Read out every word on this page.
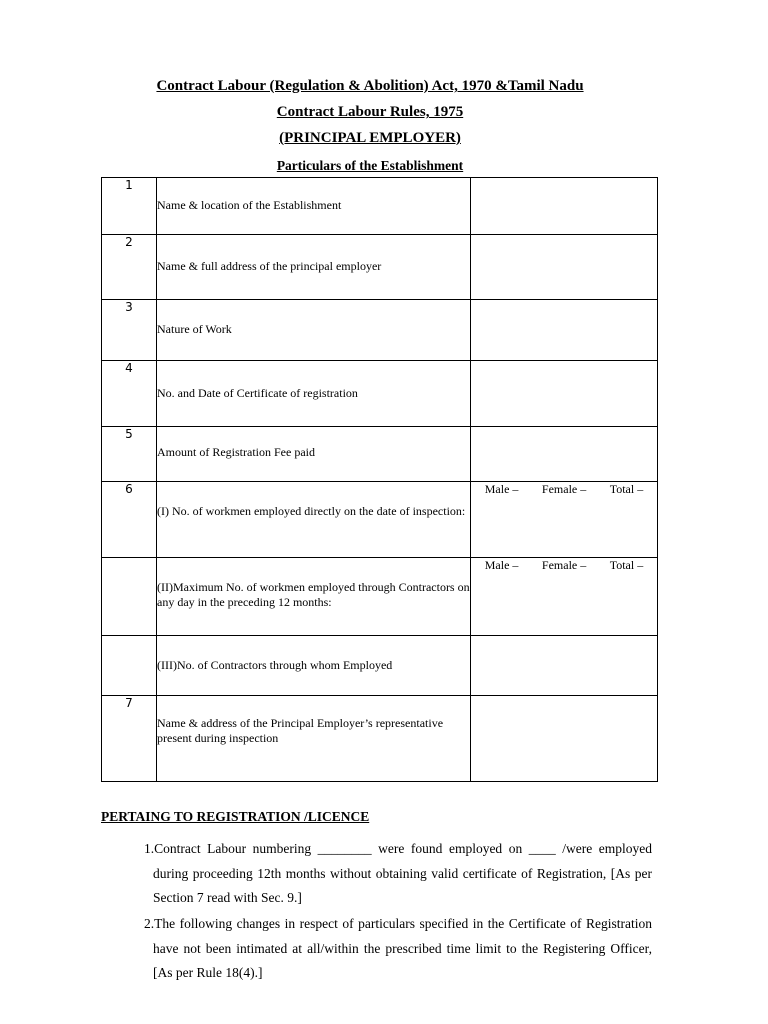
Contract Labour (Regulation & Abolition) Act, 1970 &Tamil Nadu
Contract Labour Rules, 1975
(PRINCIPAL EMPLOYER)
Particulars of the Establishment
1	Name & location of the Establishment	

2	Name & full address of the principal employer	

3	Nature of Work	

4	No. and Date of Certificate of registration	

5	Amount of Registration Fee paid	

6	(I) No. of workmen employed directly on the date of inspection:	Male – Female – Total –

	(II)Maximum No. of workmen employed through Contractors on any day in the preceding 12 months:	Male – Female – Total –

	(III)No. of Contractors through whom Employed	

7	Name & address of the Principal Employer’s representative present during inspection	

PERTAING TO REGISTRATION /LICENCE
1.Contract Labour numbering ________ were found employed on ____ /were employed during proceeding 12th months without obtaining valid certificate of Registration, [As per Section 7 read with Sec. 9.]
2.The following changes in respect of particulars specified in the Certificate of Registration have not been intimated at all/within the prescribed time limit to the Registering Officer, [As per Rule 18(4).]
